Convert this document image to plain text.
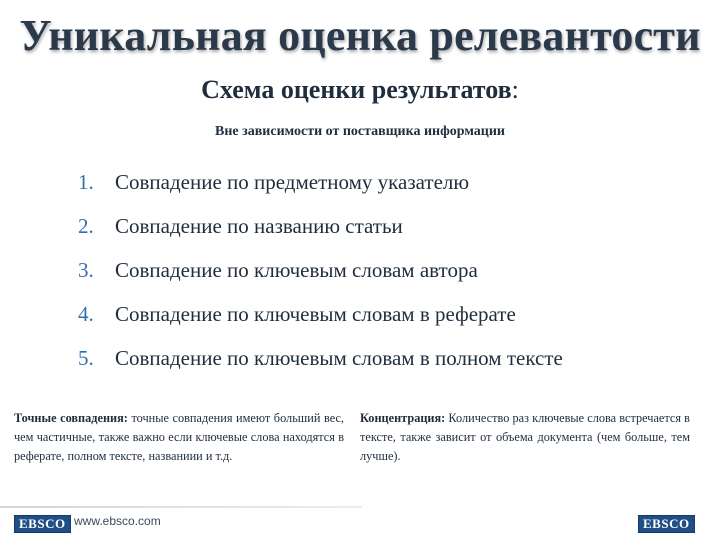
Уникальная оценка релевантости
Схема оценки результатов:
Вне зависимости от поставщика информации
1.	Совпадение по предметному указателю
2.	Совпадение по названию статьи
3.	Совпадение по ключевым словам автора
4.	Совпадение по ключевым словам в реферате
5.	Совпадение по ключевым словам в полном тексте
Точные совпадения: точные совпадения имеют больший вес, чем частичные, также важно если ключевые слова находятся в реферате, полном тексте, названиии и т.д.
Концентрация: Количество раз ключевые слова встречается в тексте, также зависит от объема документа (чем больше, тем лучше).
EBSCO www.ebsco.com	EBSCO
